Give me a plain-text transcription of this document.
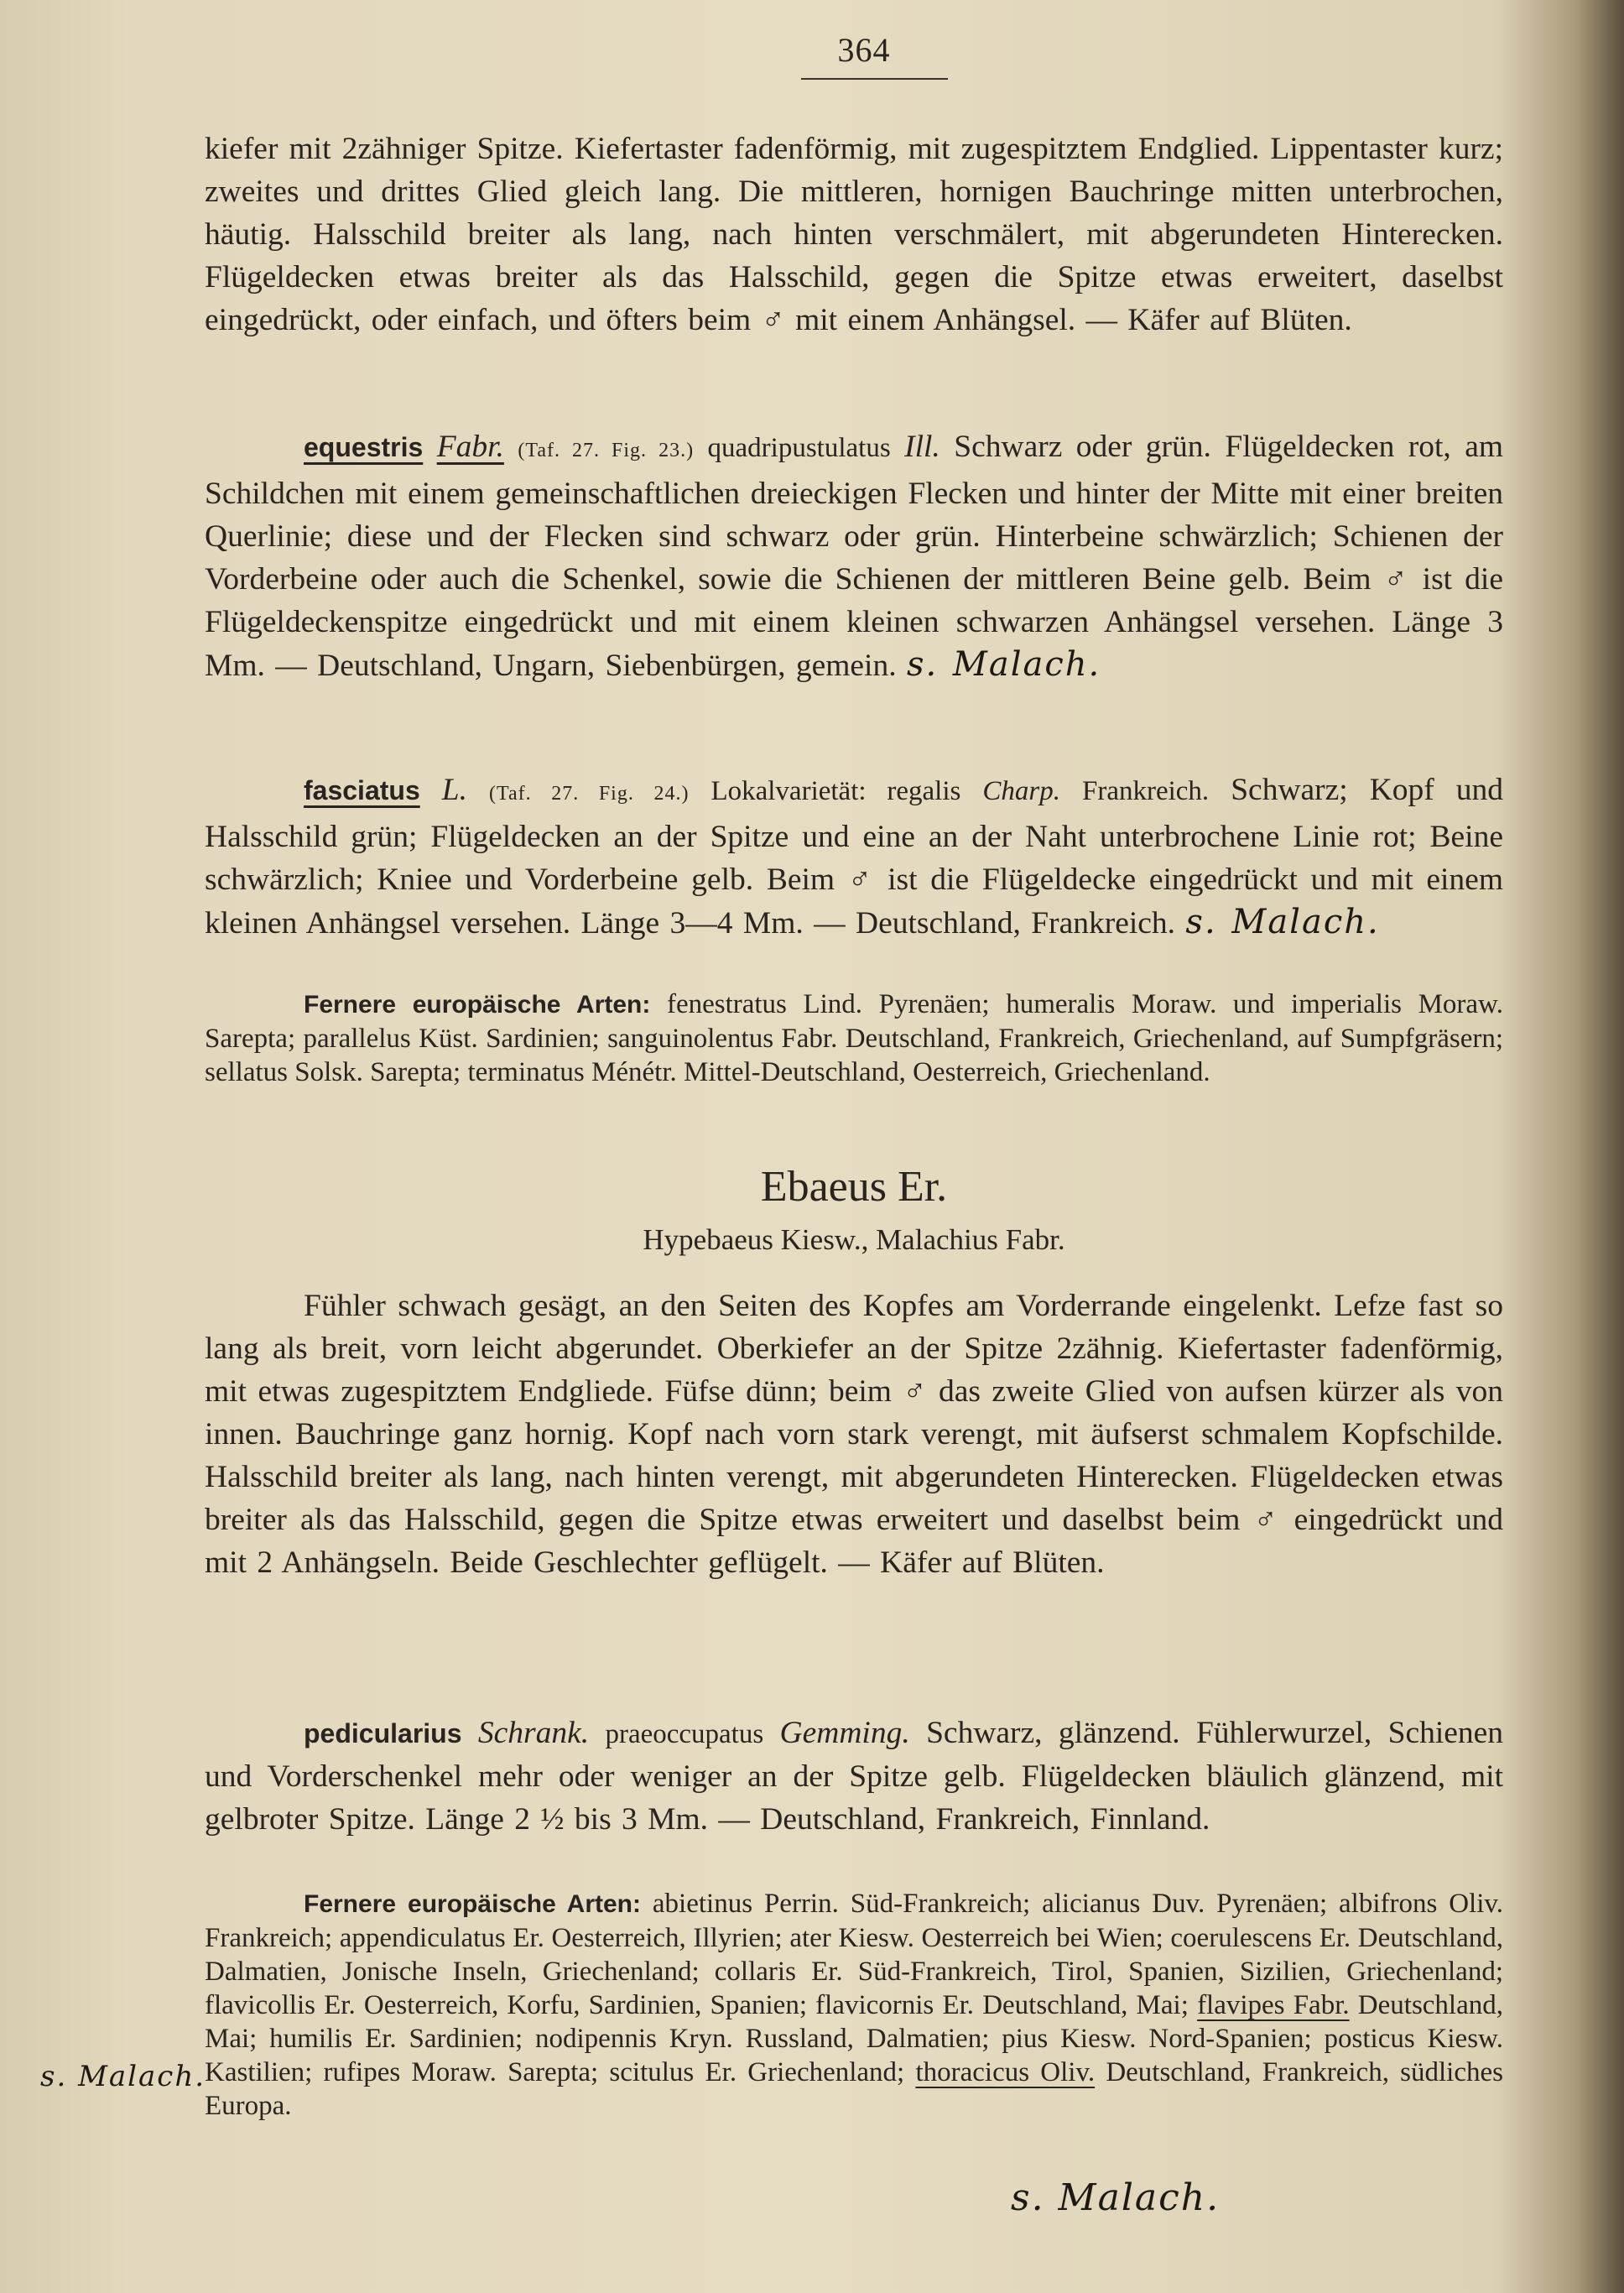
364

kiefer mit 2zähniger Spitze. Kiefertaster fadenförmig, mit zugespitztem Endglied. Lippentaster kurz; zweites und drittes Glied gleich lang. Die mittleren, hornigen Bauchringe mitten unterbrochen, häutig. Halsschild breiter als lang, nach hinten verschmälert, mit abgerundeten Hinterecken. Flügeldecken etwas breiter als das Halsschild, gegen die Spitze etwas erweitert, daselbst eingedrückt, oder einfach, und öfters beim ♂ mit einem Anhängsel. — Käfer auf Blüten.

equestris Fabr. (Taf. 27. Fig. 23.) quadripustulatus Ill. Schwarz oder grün. Flügeldecken rot, am Schildchen mit einem gemeinschaftlichen dreieckigen Flecken und hinter der Mitte mit einer breiten Querlinie; diese und der Flecken sind schwarz oder grün. Hinterbeine schwärzlich; Schienen der Vorderbeine oder auch die Schenkel, sowie die Schienen der mittleren Beine gelb. Beim ♂ ist die Flügeldeckenspitze eingedrückt und mit einem kleinen schwarzen Anhängsel versehen. Länge 3 Mm. — Deutschland, Ungarn, Siebenbürgen, gemein. s. Malach.

fasciatus L. (Taf. 27. Fig. 24.) Lokalvarietät: regalis Charp. Frankreich. Schwarz; Kopf und Halsschild grün; Flügeldecken an der Spitze und eine an der Naht unterbrochene Linie rot; Beine schwärzlich; Kniee und Vorderbeine gelb. Beim ♂ ist die Flügeldecke eingedrückt und mit einem kleinen Anhängsel versehen. Länge 3—4 Mm. — Deutschland, Frankreich. s. Malach.

Fernere europäische Arten: fenestratus Lind. Pyrenäen; humeralis Moraw. und imperialis Moraw. Sarepta; parallelus Küst. Sardinien; sanguinolentus Fabr. Deutschland, Frankreich, Griechenland, auf Sumpfgräsern; sellatus Solsk. Sarepta; terminatus Ménétr. Mittel-Deutschland, Oesterreich, Griechenland.

Ebaeus Er.
Hypebaeus Kiesw., Malachius Fabr.

Fühler schwach gesägt, an den Seiten des Kopfes am Vorderrande eingelenkt. Lefze fast so lang als breit, vorn leicht abgerundet. Oberkiefer an der Spitze 2zähnig. Kiefertaster fadenförmig, mit etwas zugespitztem Endgliede. Füfse dünn; beim ♂ das zweite Glied von aufsen kürzer als von innen. Bauchringe ganz hornig. Kopf nach vorn stark verengt, mit äufserst schmalem Kopfschilde. Halsschild breiter als lang, nach hinten verengt, mit abgerundeten Hinterecken. Flügeldecken etwas breiter als das Halsschild, gegen die Spitze etwas erweitert und daselbst beim ♂ eingedrückt und mit 2 Anhängseln. Beide Geschlechter geflügelt. — Käfer auf Blüten.

pedicularius Schrank. praeoccupatus Gemming. Schwarz, glänzend. Fühlerwurzel, Schienen und Vorderschenkel mehr oder weniger an der Spitze gelb. Flügeldecken bläulich glänzend, mit gelbroter Spitze. Länge 2 ½ bis 3 Mm. — Deutschland, Frankreich, Finnland.

Fernere europäische Arten: abietinus Perrin. Süd-Frankreich; alicianus Duv. Pyrenäen; albifrons Oliv. Frankreich; appendiculatus Er. Oesterreich, Illyrien; ater Kiesw. Oesterreich bei Wien; coerulescens Er. Deutschland, Dalmatien, Jonische Inseln, Griechenland; collaris Er. Süd-Frankreich, Tirol, Spanien, Sizilien, Griechenland; flavicollis Er. Oesterreich, Korfu, Sardinien, Spanien; flavicornis Er. Deutschland, Mai; flavipes Fabr. Deutschland, Mai; humilis Er. Sardinien; nodipennis Kryn. Russland, Dalmatien; pius Kiesw. Nord-Spanien; posticus Kiesw. Kastilien; rufipes Moraw. Sarepta; scitulus Er. Griechenland; thoracicus Oliv. Deutschland, Frankreich, südliches Europa.

s. Malach.
s. Malach.
